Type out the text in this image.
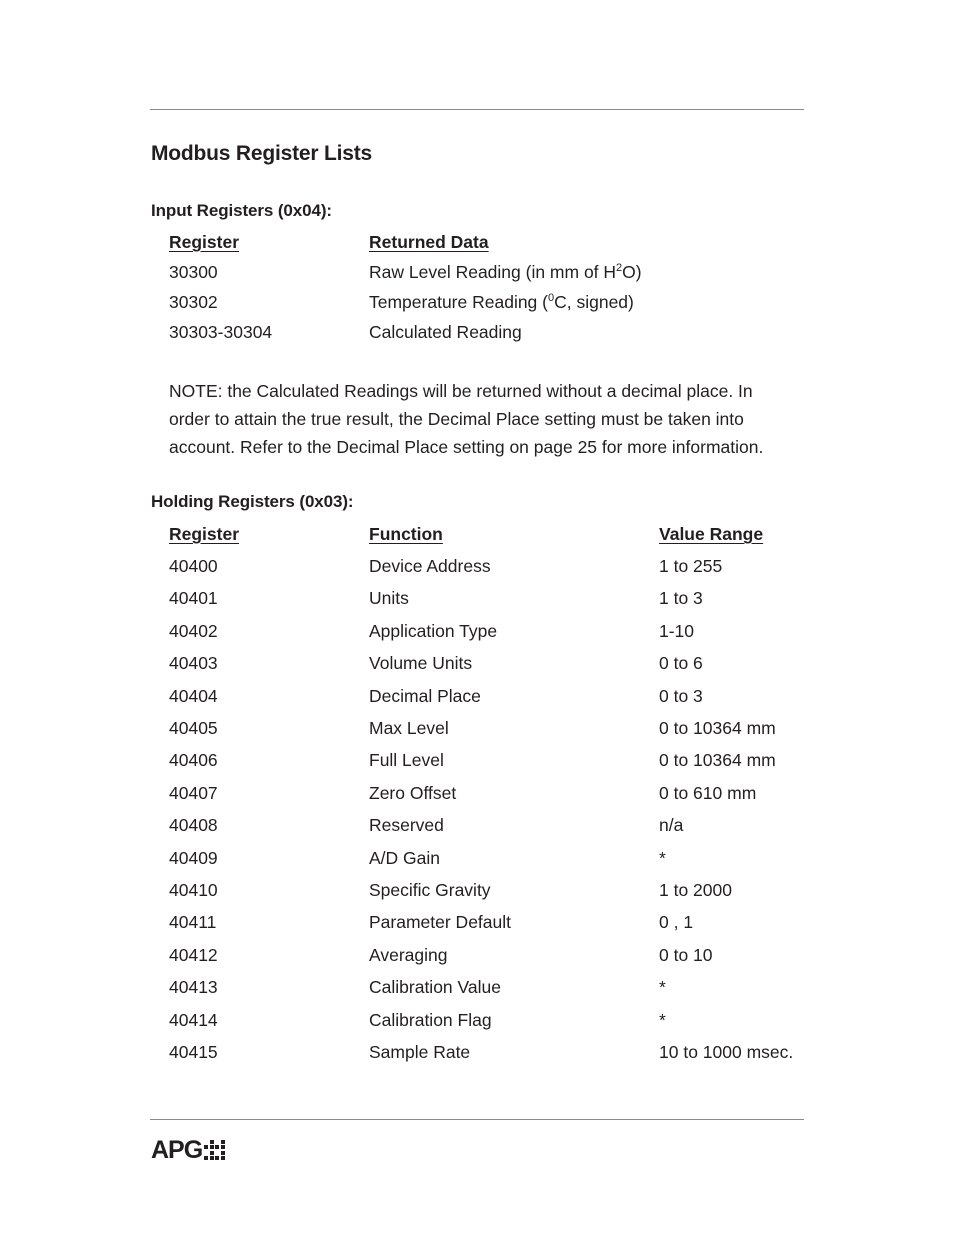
Modbus Register Lists
Input Registers (0x04):
Register	Returned Data
30300	Raw Level Reading (in mm of $H^2O$)
30302	Temperature Reading ($^0$C, signed)
30303-30304	Calculated Reading
NOTE: the Calculated Readings will be returned without a decimal place. In
order to attain the true result, the Decimal Place setting must be taken into
account. Refer to the Decimal Place setting on page 25 for more information.
Holding Registers (0x03):
Register	Function	Value Range
40400	Device Address	1 to 255
40401	Units	1 to 3
40402	Application Type	1-10
40403	Volume Units	0 to 6
40404	Decimal Place	0 to 3
40405	Max Level	0 to 10364 mm
40406	Full Level	0 to 10364 mm
40407	Zero Offset	0 to 610 mm
40408	Reserved	n/a
40409	A/D Gain	*
40410	Specific Gravity	1 to 2000
40411	Parameter Default	0 , 1
40412	Averaging	0 to 10
40413	Calibration Value	*
40414	Calibration Flag	*
40415	Sample Rate	10 to 1000 msec.
APG
